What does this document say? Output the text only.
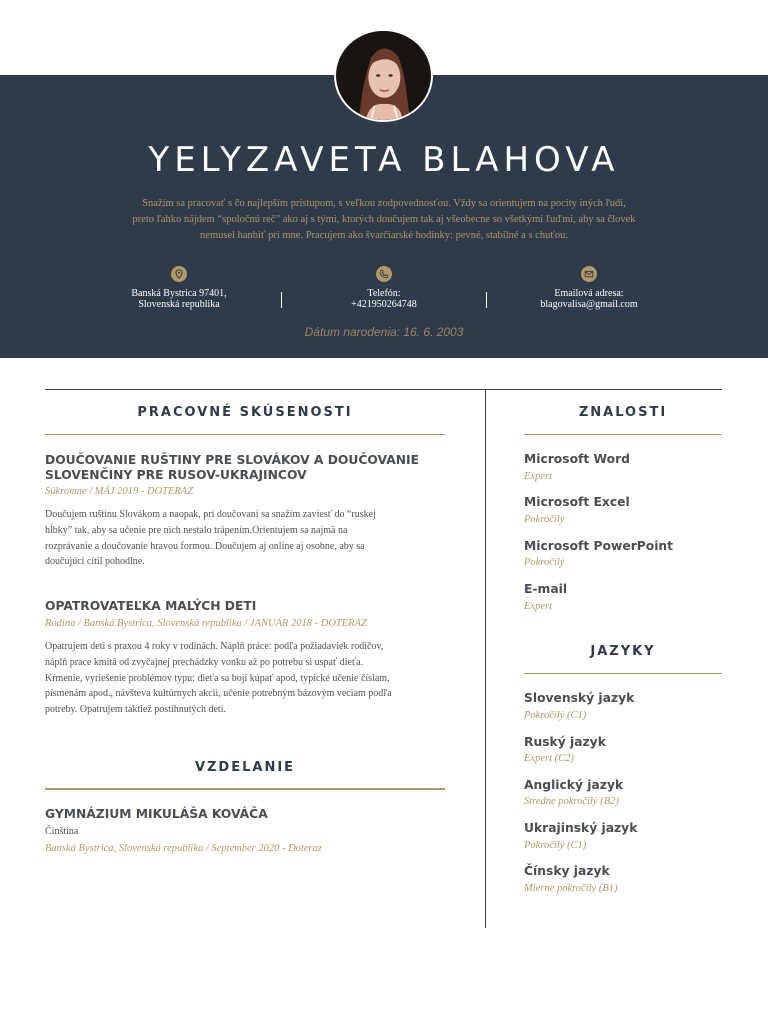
YELYZAVETA BLAHOVA
Snažím sa pracovať s čo najlepším prístupom, s veľkou zodpovednosťou. Vždy sa orientujem na pocity iných ľudí, preto ľahko nájdem “spoločnú reč” ako aj s tými, ktorých doučujem tak aj všeobecne so všetkými ľuďmi, aby sa človek nemusel hanbiť pri mne. Pracujem ako švarčiarské hodinky: pevné, stabilné a s chuťou.
Banská Bystrica 97401,
Slovenská republika
Telefón:
+421950264748
Emailová adresa:
blagovalisa@gmail.com
Dátum narodenia: 16. 6. 2003
PRACOVNÉ SKÚSENOSTI
DOUČOVANIE RUŠTINY PRE SLOVÁKOV A DOUČOVANIE
SLOVENČINY PRE RUSOV-UKRAJINCOV
Súkromne / MÁJ 2019 - DOTERAZ
Doučujem ruštinu Slovákom a naopak, pri doučovaní sa snažím zaviesť do “ruskej
hĺbky” tak, aby sa učenie pre nich nestalo trápením.Orientujem sa najmä na
rozprávanie a doučovanie hravou formou. Doučujem aj online aj osobne, aby sa
doučujúci cítil pohodlne.
OPATROVATEĽKA MALÝCH DETI
Rodina / Banská Bystrica, Slovenská republika / JANUÁR 2018 - DOTERAZ
Opatrujem deti s praxou 4 roky v rodinách. Náplň práce: podľa požiadaviek rodičov,
náplň prace kmitá od zvyčajnej prechádzky vonku až po potrebu si uspať dieťa.
Kŕmenie, vyriešenie problémov typu: dieťa sa bojí kúpať apod, typické učenie číslam,
písmenám apod., návšteva kultúrnych akcii, učenie potrebným bázovým veciam podľa
potreby. Opatrujem taktiež postihnutých deti.
VZDELANIE
GYMNÁZIUM MIKULÁŠA KOVÁČA
Čínština
Banská Bystrica, Slovenská republika / September 2020 - Doteraz
ZNALOSTI
Microsoft Word
Expert
Microsoft Excel
Pokročilý
Microsoft PowerPoint
Pokročilý
E-mail
Expert
JAZYKY
Slovenský jazyk
Pokročilý (C1)
Ruský jazyk
Expert (C2)
Anglický jazyk
Stredne pokročilý (B2)
Ukrajinský jazyk
Pokročilý (C1)
Čínsky jazyk
Mierne pokročilý (B1)
